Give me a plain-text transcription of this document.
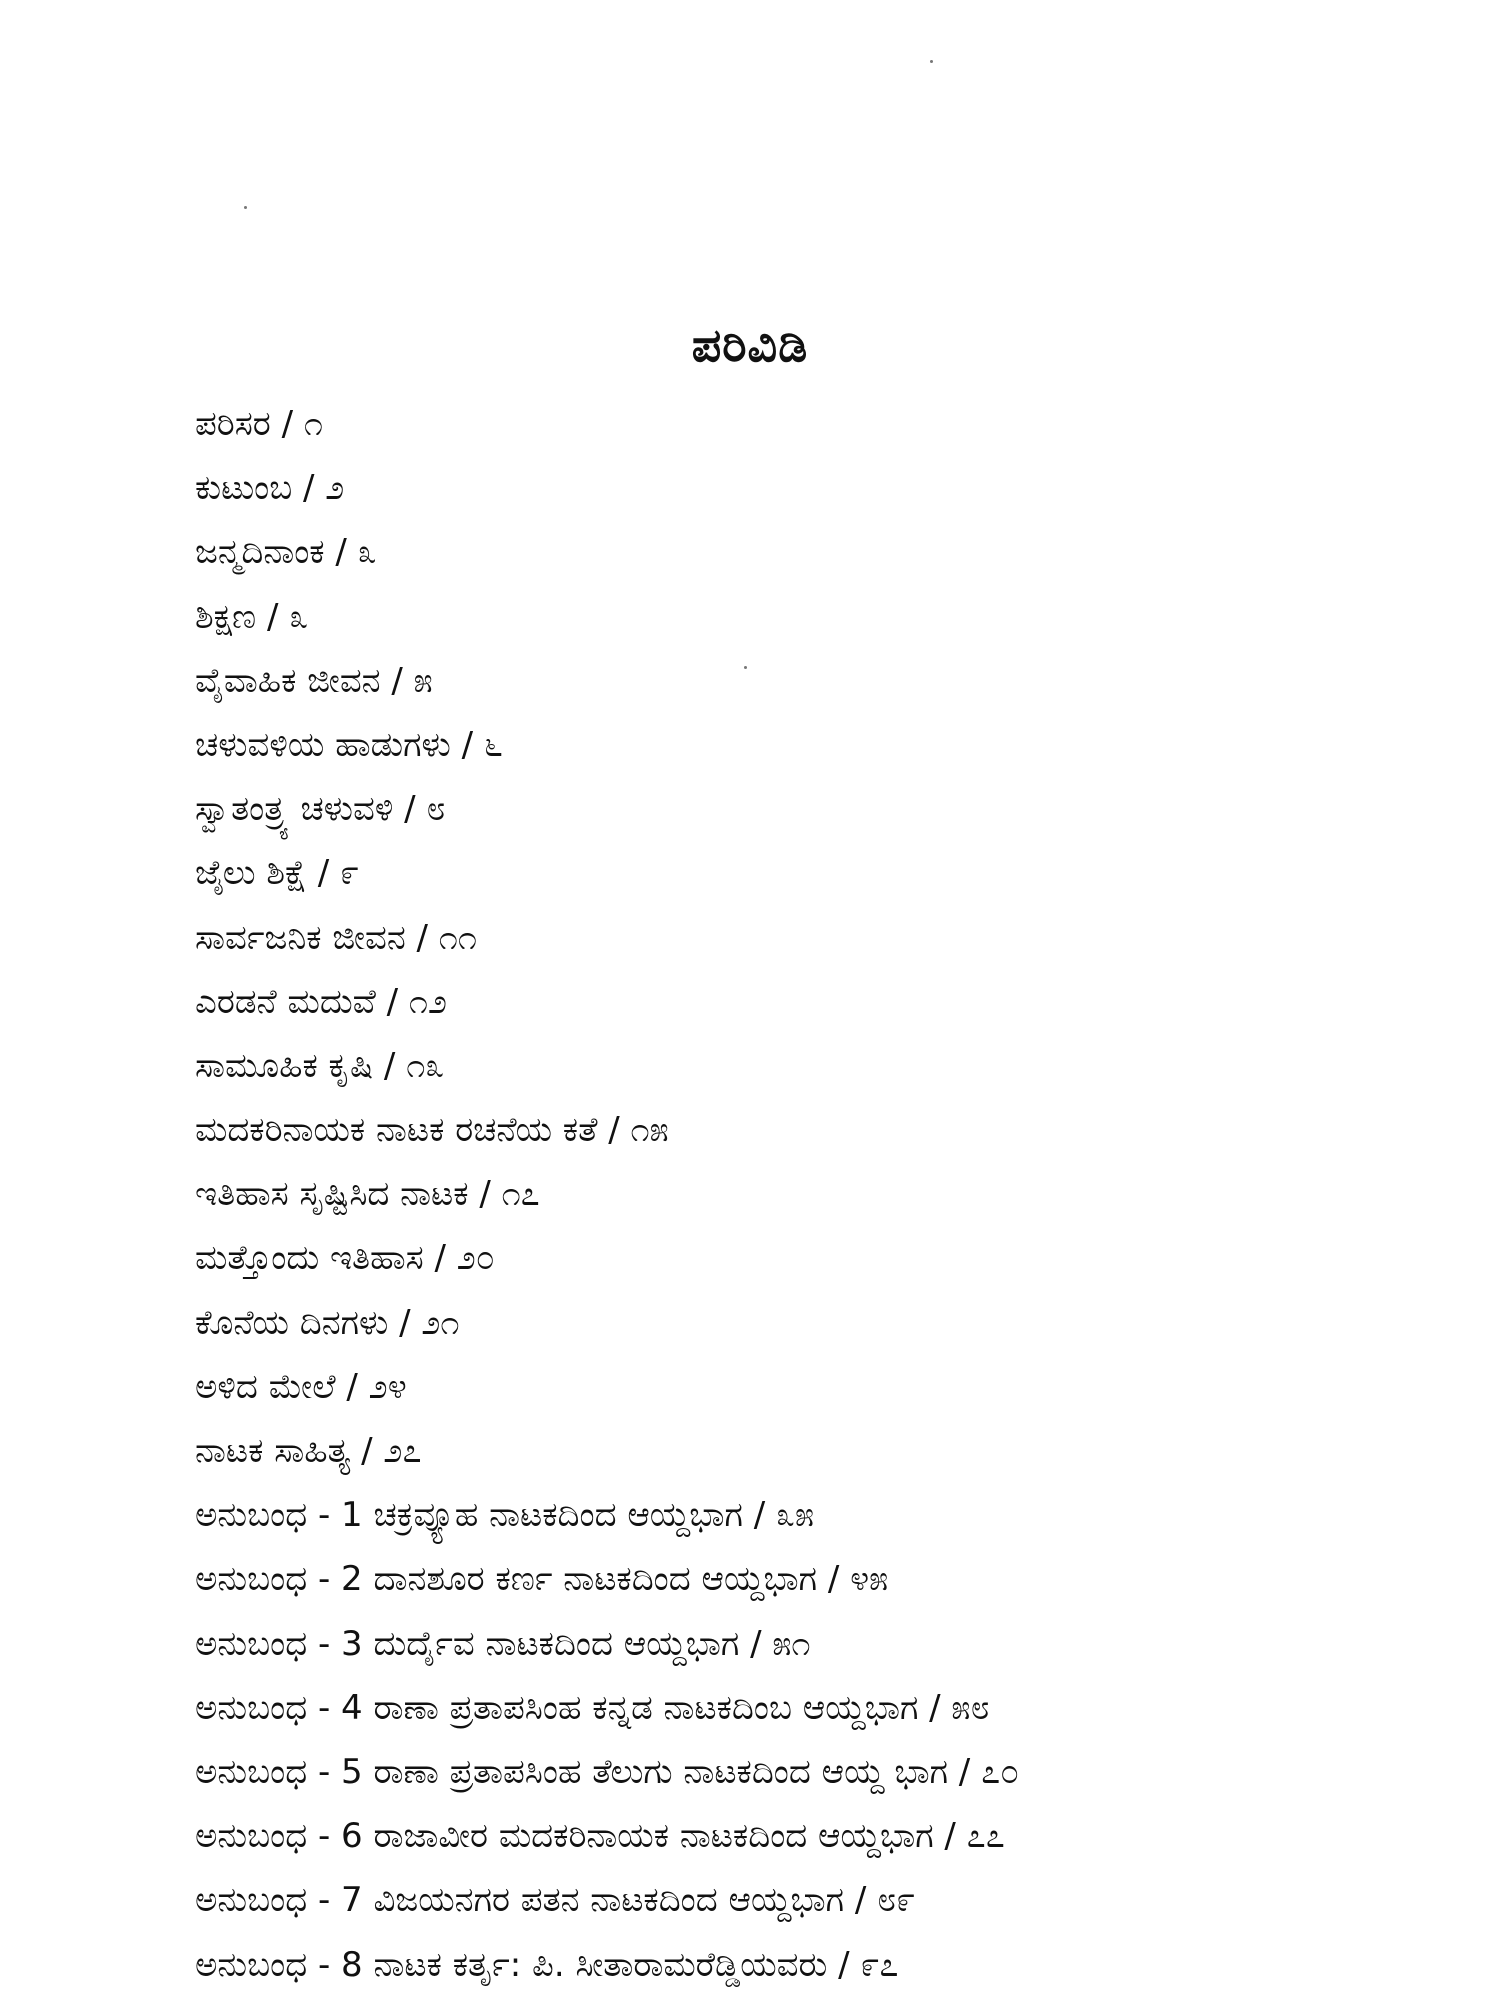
ಪರಿವಿಡಿ
ಪರಿಸರ / ೧
ಕುಟುಂಬ / ೨
ಜನ್ಮದಿನಾಂಕ / ೩
ಶಿಕ್ಷಣ / ೩
ವೈವಾಹಿಕ ಜೀವನ / ೫
ಚಳುವಳಿಯ ಹಾಡುಗಳು / ೬
ಸ್ವಾತಂತ್ರ್ಯ ಚಳುವಳಿ / ೮
ಜೈಲು ಶಿಕ್ಷೆ / ೯
ಸಾರ್ವಜನಿಕ ಜೀವನ / ೧೧
ಎರಡನೆ ಮದುವೆ / ೧೨
ಸಾಮೂಹಿಕ ಕೃಷಿ / ೧೩
ಮದಕರಿನಾಯಕ ನಾಟಕ ರಚನೆಯ ಕತೆ / ೧೫
ಇತಿಹಾಸ ಸೃಷ್ಟಿಸಿದ ನಾಟಕ / ೧೭
ಮತ್ತೊಂದು ಇತಿಹಾಸ / ೨೦
ಕೊನೆಯ ದಿನಗಳು / ೨೧
ಅಳಿದ ಮೇಲೆ / ೨೪
ನಾಟಕ ಸಾಹಿತ್ಯ / ೨೭
ಅನುಬಂಧ - 1 ಚಕ್ರವ್ಯೂಹ ನಾಟಕದಿಂದ ಆಯ್ದಭಾಗ / ೩೫
ಅನುಬಂಧ - 2 ದಾನಶೂರ ಕರ್ಣ ನಾಟಕದಿಂದ ಆಯ್ದಭಾಗ / ೪೫
ಅನುಬಂಧ - 3 ದುರ್ದೈವ ನಾಟಕದಿಂದ ಆಯ್ದಭಾಗ / ೫೧
ಅನುಬಂಧ - 4 ರಾಣಾ ಪ್ರತಾಪಸಿಂಹ ಕನ್ನಡ ನಾಟಕದಿಂಬ ಆಯ್ದಭಾಗ / ೫೮
ಅನುಬಂಧ - 5 ರಾಣಾ ಪ್ರತಾಪಸಿಂಹ ತೆಲುಗು ನಾಟಕದಿಂದ ಆಯ್ದ ಭಾಗ / ೭೦
ಅನುಬಂಧ - 6 ರಾಜಾವೀರ ಮದಕರಿನಾಯಕ ನಾಟಕದಿಂದ ಆಯ್ದಭಾಗ / ೭೭
ಅನುಬಂಧ - 7 ವಿಜಯನಗರ ಪತನ ನಾಟಕದಿಂದ ಆಯ್ದಭಾಗ / ೮೯
ಅನುಬಂಧ - 8 ನಾಟಕ ಕರ್ತೃ: ಪಿ. ಸೀತಾರಾಮರೆಡ್ಡಿಯವರು / ೯೭
